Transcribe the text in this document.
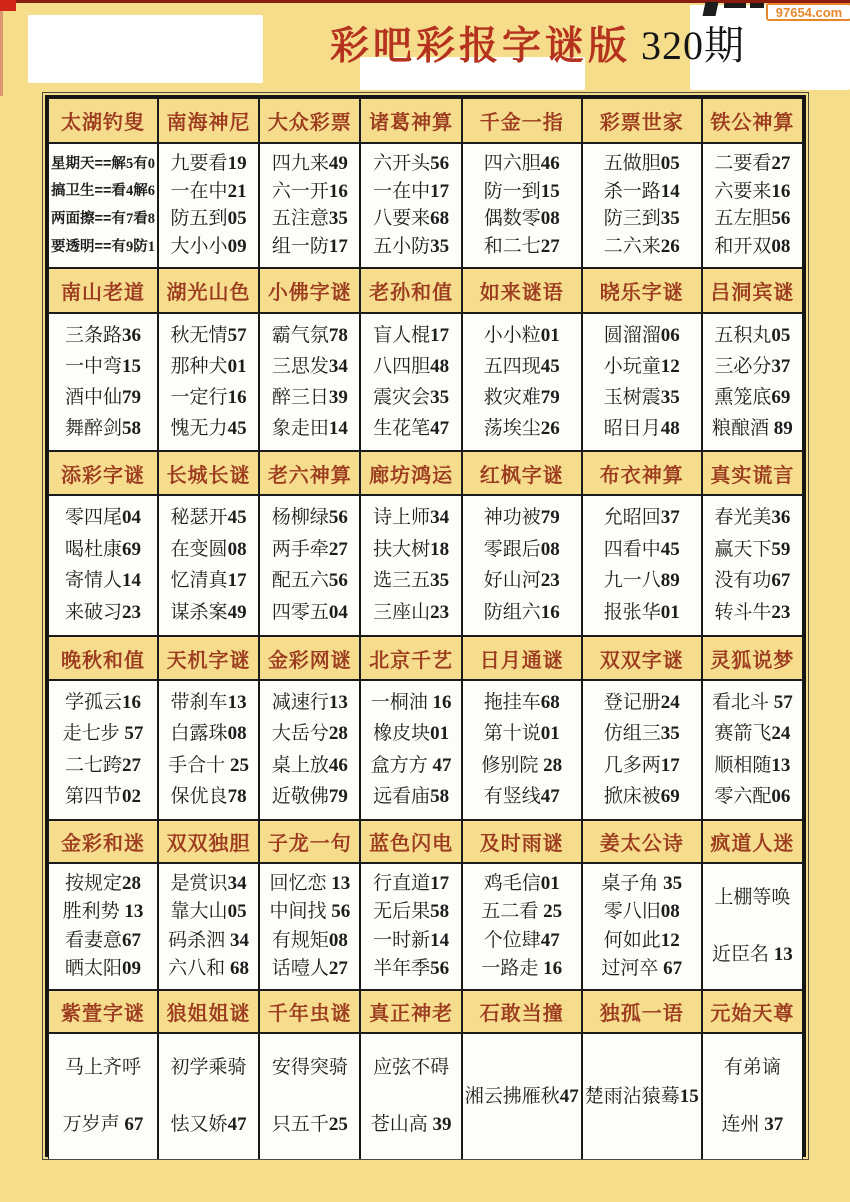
97654.com
彩吧彩报字谜版 320期
太湖钓叟
星期天==解5有0
搞卫生==看4解6
两面擦==有7看8
要透明==有9防1
南海神尼
九要看19
一在中21
防五到05
大小小09
大众彩票
四九来49
六一开16
五注意35
组一防17
诸葛神算
六开头56
一在中17
八要来68
五小防35
千金一指
四六胆46
防一到15
偶数零08
和二七27
彩票世家
五做胆05
杀一路14
防三到35
二六来26
铁公神算
二要看27
六要来16
五左胆56
和开双08
南山老道
三条路36
一中弯15
酒中仙79
舞醉剑58
湖光山色
秋无情57
那种犬01
一定行16
愧无力45
小佛字谜
霸气氛78
三思发34
醉三日39
象走田14
老孙和值
盲人棍17
八四胆48
震灾会35
生花笔47
如来谜语
小小粒01
五四现45
救灾难79
荡埃尘26
晓乐字谜
圆溜溜06
小玩童12
玉树震35
昭日月48
吕洞宾谜
五积丸05
三必分37
熏笼底69
粮酿酒 89
添彩字谜
零四尾04
喝杜康69
寄情人14
来破习23
长城长谜
秘瑟开45
在变圆08
忆清真17
谋杀案49
老六神算
杨柳绿56
两手牵27
配五六56
四零五04
廊坊鸿运
诗上师34
扶大树18
选三五35
三座山23
红枫字谜
神功被79
零跟后08
好山河23
防组六16
布衣神算
允昭回37
四看中45
九一八89
报张华01
真实谎言
春光美36
赢天下59
没有功67
转斗牛23
晚秋和值
学孤云16
走七步 57
二七跨27
第四节02
天机字谜
带刹车13
白露珠08
手合十 25
保优良78
金彩网谜
减速行13
大岳兮28
桌上放46
近敬佛79
北京千艺
一桐油 16
橡皮块01
盒方方 47
远看庙58
日月通谜
拖挂车68
第十说01
修别院 28
有竖线47
双双字谜
登记册24
仿组三35
几多两17
掀床被69
灵狐说梦
看北斗 57
赛箭飞24
顺相随13
零六配06
金彩和迷
按规定28
胜利势 13
看妻意67
晒太阳09
双双独胆
是赏识34
靠大山05
码杀泗 34
六八和 68
子龙一句
回忆恋 13
中间找 56
有规矩08
话噎人27
蓝色闪电
行直道17
无后果58
一时新14
半年季56
及时雨谜
鸡毛信01
五二看 25
个位肆47
一路走 16
姜太公诗
桌子角 35
零八旧08
何如此12
过河卒 67
疯道人迷
上棚等唤
近臣名 13
紫萱字谜
马上齐呼
万岁声 67
狼姐姐谜
初学乘骑
怯又娇47
千年虫谜
安得突骑
只五千25
真正神老
应弦不碍
苍山高 39
石敢当撞
湘云拂雁秋47
独孤一语
楚雨沾猿蓦15
元始天尊
有弟谪
连州 37
